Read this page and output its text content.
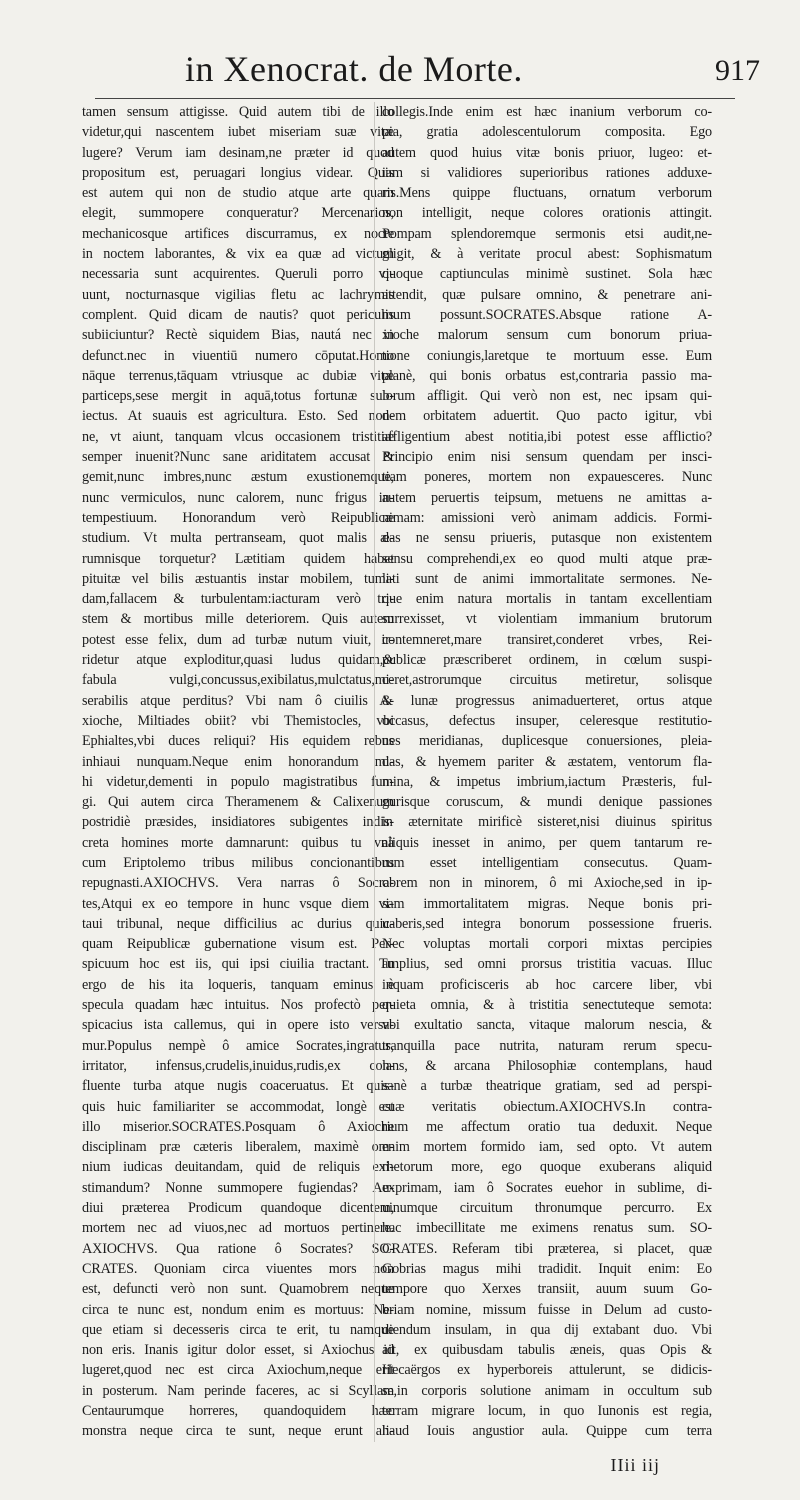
in Xenocrat. de Morte.	917
tamen sensum attigisse. Quid autem tibi de illo
videtur,qui nascentem iubet miseriam suæ vitæ
lugere? Verum iam desinam,ne præter id quod
propositum est, peruagari longius videar. Quis
est autem qui non de studio atque arte quam
elegit, summopere conqueratur? Mercenarios,
mechanicosque artifices discurramus, ex nocte
in noctem laborantes, & vix ea quæ ad victum
necessaria sunt acquirentes. Queruli porro vi-
uunt, nocturnasque vigilias fletu ac lachrymis
complent. Quid dicam de nautis? quot periculis
subiiciuntur? Rectè siquidem Bias, nautá nec in
defunct.nec in viuentiū numero cōputat.Homo
nāque terrenus,tāquam vtriusque ac dubiæ vitæ
particeps,sese mergit in aquā,totus fortunæ sub-
iectus. At suauis est agricultura. Esto. Sed non-
ne, vt aiunt, tanquam vlcus occasionem tristitiæ
semper inuenit?Nunc sane ariditatem accusat &
gemit,nunc imbres,nunc æstum exustionemque,
nunc vermiculos, nunc calorem, nunc frigus in-
tempestiuum. Honorandum verò Reipublicæ
studium. Vt multa pertranseam, quot malis æ-
rumnisque torquetur? Lætitiam quidem habet
pituitæ vel bilis æstuantis instar mobilem, tumi-
dam,fallacem & turbulentam:iacturam verò tri-
stem & mortibus mille deteriorem. Quis autem
potest esse felix, dum ad turbæ nutum viuit, ir-
ridetur atque exploditur,quasi ludus quidam,&
fabula vulgi,concussus,exibilatus,mulctatus,mi-
serabilis atque perditus? Vbi nam ô ciuilis A-
xioche, Miltiades obiit? vbi Themistocles, vbi
Ephialtes,vbi duces reliqui? His equidem rebus
inhiaui nunquam.Neque enim honorandum mi-
hi videtur,dementi in populo magistratibus fun-
gi. Qui autem circa Theramenem & Calixenum
postridiè præsides, insidiatores subigentes indis-
creta homines morte damnarunt: quibus tu vnà
cum Eriptolemo tribus milibus concionantibus
repugnasti.AXIOCHVS. Vera narras ô Socra-
tes,Atqui ex eo tempore in hunc vsque diem vi-
taui tribunal, neque difficilius ac durius quic-
quam Reipublicæ gubernatione visum est. Per-
spicuum hoc est iis, qui ipsi ciuilia tractant. Tu
ergo de his ita loqueris, tanquam eminus è
specula quadam hæc intuitus. Nos profectò per-
spicacius ista callemus, qui in opere isto versa-
mur.Populus nempè ô amice Socrates,ingratus,
irritator, infensus,crudelis,inuidus,rudis,ex con-
fluente turba atque nugis coaceruatus. Et quis-
quis huic familiariter se accommodat, longè est
illo miserior.SOCRATES.Posquam ô Axioche
disciplinam præ cæteris liberalem, maximè om-
nium iudicas deuitandam, quid de reliquis exi-
stimandum? Nonne summopere fugiendas? Au-
diui præterea Prodicum quandoque dicentem,
mortem nec ad viuos,nec ad mortuos pertinere.
AXIOCHVS. Qua ratione ô Socrates? SO-
CRATES. Quoniam circa viuentes mors non
est, defuncti verò non sunt. Quamobrem neque
circa te nunc est, nondum enim es mortuus: Ne-
que etiam si decesseris circa te erit, tu namque
non eris. Inanis igitur dolor esset, si Axiochus id
lugeret,quod nec est circa Axiochum,neque erit
in posterum. Nam perinde faceres, ac si Scyllam
Centaurumque horreres, quandoquidem hæc
monstra neque circa te sunt, neque erunt ali-
collegis.Inde enim est hæc inanium verborum co-
pia, gratia adolescentulorum composita. Ego
autem quod huius vitæ bonis priuor, lugeo: et-
iam si validiores superioribus rationes adduxe-
ris.Mens quippe fluctuans, ornatum verborum
non intelligit, neque colores orationis attingit.
Pompam splendoremque sermonis etsi audit,ne-
gligit, & à veritate procul abest: Sophismatum
quoque captiunculas minimè sustinet. Sola hæc
attendit, quæ pulsare omnino, & penetrare ani-
mum possunt.SOCRATES.Absque ratione A-
xioche malorum sensum cum bonorum priua-
tione coniungis,laretque te mortuum esse. Eum
planè, qui bonis orbatus est,contraria passio ma-
lorum affligit. Qui verò non est, nec ipsam qui-
dem orbitatem aduertit. Quo pacto igitur, vbi
affligentium abest notitia,ibi potest esse afflictio?
Principio enim nisi sensum quendam per insci-
tiam poneres, mortem non expauesceres. Nunc
autem peruertis teipsum, metuens ne amittas a-
nimam: amissioni verò animam addicis. Formi-
das ne sensu priueris, putasque non existentem
sensu comprehendi,ex eo quod multi atque præ-
lati sunt de animi immortalitate sermones. Ne-
que enim natura mortalis in tantam excellentiam
surrexisset, vt violentiam immanium brutorum
contemneret,mare transiret,conderet vrbes, Rei-
publicæ præscriberet ordinem, in cœlum suspi-
ceret,astrorumque circuitus metiretur, solisque
& lunæ progressus animaduerteret, ortus atque
occasus, defectus insuper, celeresque restitutio-
nes meridianas, duplicesque conuersiones, pleia-
das, & hyemem pariter & æstatem, ventorum fla-
mina, & impetus imbrium,iactum Præsteris, ful-
gurisque coruscum, & mundi denique passiones
in æternitate mirificè sisteret,nisi diuinus spiritus
aliquis inesset in animo, per quem tantarum re-
rum esset intelligentiam consecutus. Quam-
obrem non in minorem, ô mi Axioche,sed in ip-
sam immortalitatem migras. Neque bonis pri-
uaberis,sed integra bonorum possessione frueris.
Nec voluptas mortali corpori mixtas percipies
amplius, sed omni prorsus tristitia vacuas. Illuc
inquam proficisceris ab hoc carcere liber, vbi
quieta omnia, & à tristitia senectuteque semota:
vbi exultatio sancta, vitaque malorum nescia, &
tranquilla pace nutrita, naturam rerum specu-
lans, & arcana Philosophiæ contemplans, haud
sanè a turbæ theatrique gratiam, sed ad perspi-
cuæ veritatis obiectum.AXIOCHVS.In contra-
rium me affectum oratio tua deduxit. Neque
enim mortem formido iam, sed opto. Vt autem
rhetorum more, ego quoque exuberans aliquid
exprimam, iam ô Socrates euehor in sublime, di-
uinumque circuitum thronumque percurro. Ex
hac imbecillitate me eximens renatus sum. SO-
CRATES. Referam tibi præterea, si placet, quæ
Gobrias magus mihi tradidit. Inquit enim: Eo
tempore quo Xerxes transiit, auum suum Go-
briam nomine, missum fuisse in Delum ad custo-
diendum insulam, in qua dij extabant duo. Vbi
ait, ex quibusdam tabulis æneis, quas Opis &
Hecaërgos ex hyperboreis attulerunt, se didicis-
se,in corporis solutione animam in occultum sub
terram migrare locum, in quo Iunonis est regia,
haud Iouis angustior aula. Quippe cum terra
IIii iij
